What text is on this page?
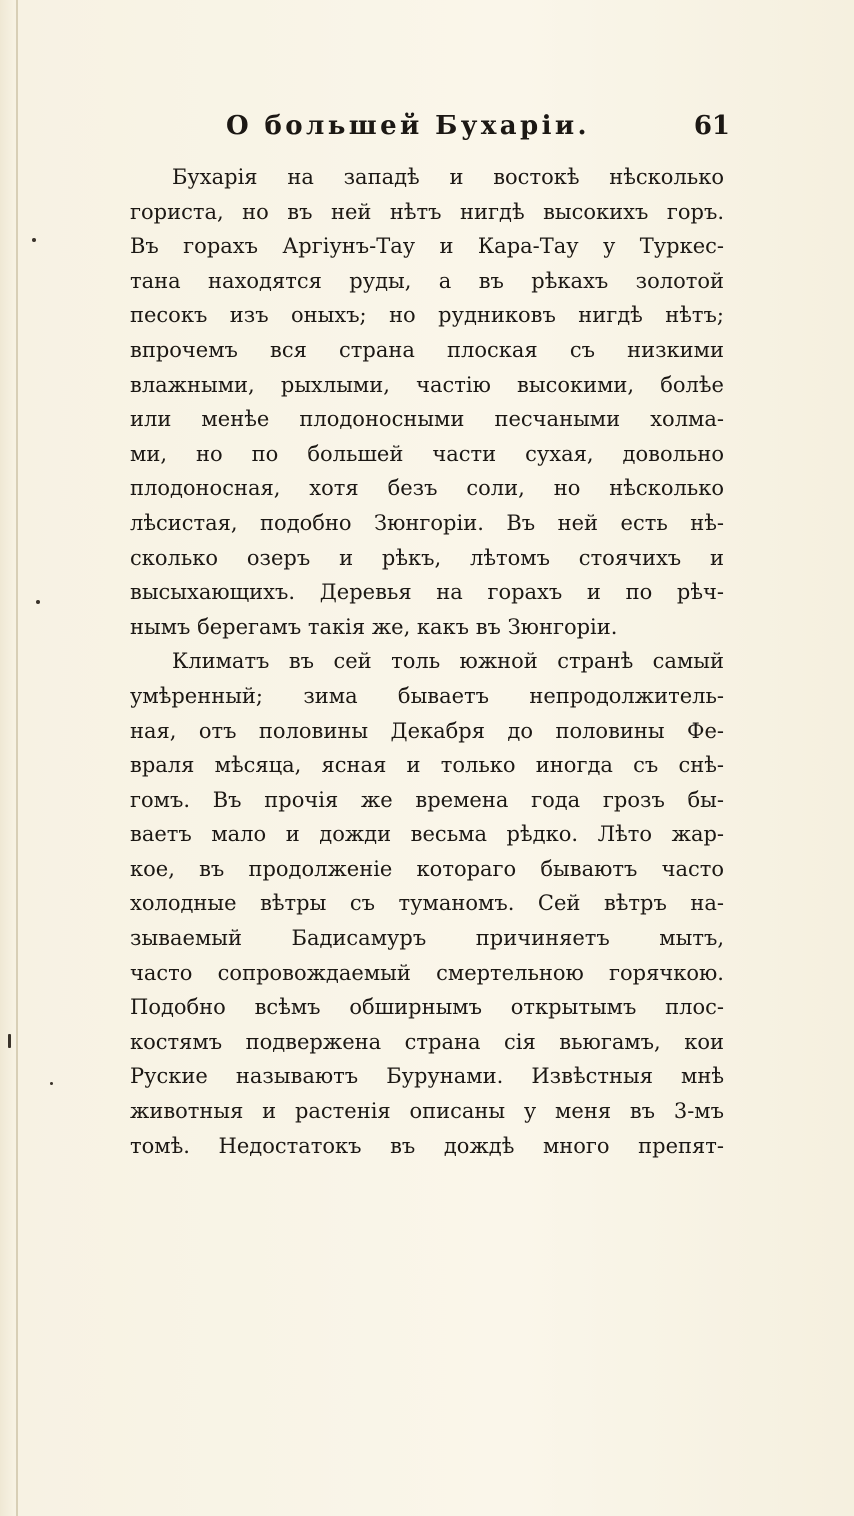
О большей Бухаріи.	61
Бухарія на западѣ и востокѣ нѣсколько
гориста, но въ ней нѣтъ нигдѣ высокихъ горъ.
Въ горахъ Аргіунъ-Тау и Кара-Тау у Туркес-
тана находятся руды, а въ рѣкахъ золотой
песокъ изъ оныхъ; но рудниковъ нигдѣ нѣтъ;
впрочемъ вся страна плоская съ низкими
влажными, рыхлыми, частію высокими, болѣе
или менѣе плодоносными песчаными холма-
ми, но по большей части сухая, довольно
плодоносная, хотя безъ соли, но нѣсколько
лѣсистая, подобно Зюнгоріи. Въ ней есть нѣ-
сколько озеръ и рѣкъ, лѣтомъ стоячихъ и
высыхающихъ. Деревья на горахъ и по рѣч-
нымъ берегамъ такія же, какъ въ Зюнгоріи.
Климатъ въ сей толь южной странѣ самый
умѣренный; зима бываетъ непродолжитель-
ная, отъ половины Декабря до половины Фе-
враля мѣсяца, ясная и только иногда съ снѣ-
гомъ. Въ прочія же времена года грозъ бы-
ваетъ мало и дожди весьма рѣдко. Лѣто жар-
кое, въ продолженіе котораго бываютъ часто
холодные вѣтры съ туманомъ. Сей вѣтръ на-
зываемый Бадисамуръ причиняетъ мытъ,
часто сопровождаемый смертельною горячкою.
Подобно всѣмъ обширнымъ открытымъ плос-
костямъ подвержена страна сія вьюгамъ, кои
Руские называютъ Бурунами. Извѣстныя мнѣ
животныя и растенія описаны у меня въ 3-мъ
томѣ. Недостатокъ въ дождѣ много препят-
